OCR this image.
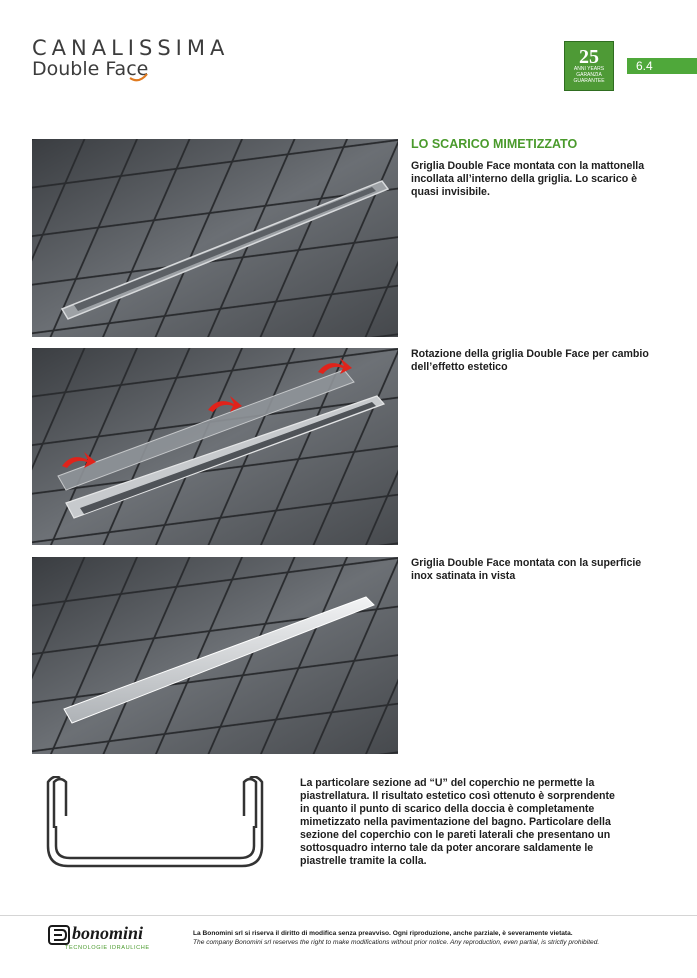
CANALISSIMA
Double Face
25
ANNI YEARS
GARANZIA
GUARANTEE
6.4
LO SCARICO MIMETIZZATO
Griglia Double Face montata con la mattonella incollata all’interno della griglia. Lo scarico è quasi invisibile.
Rotazione della griglia Double Face per cambio dell’effetto estetico
Griglia Double Face montata con la superficie inox satinata in vista
La particolare sezione ad “U” del coperchio ne permette la piastrellatura. Il risultato estetico così ottenuto è sorprendente in quanto il punto di scarico della doccia è completamente mimetizzato nella pavimentazione del bagno. Particolare della sezione del coperchio con le pareti laterali che presentano un sottosquadro interno tale da poter ancorare saldamente le piastrelle tramite la colla.
bonomini
TECNOLOGIE IDRAULICHE
La Bonomini srl si riserva il diritto di modifica senza preavviso. Ogni riproduzione, anche parziale, è severamente vietata.
The company Bonomini srl reserves the right to make modifications without prior notice. Any reproduction, even partial, is strictly prohibited.
